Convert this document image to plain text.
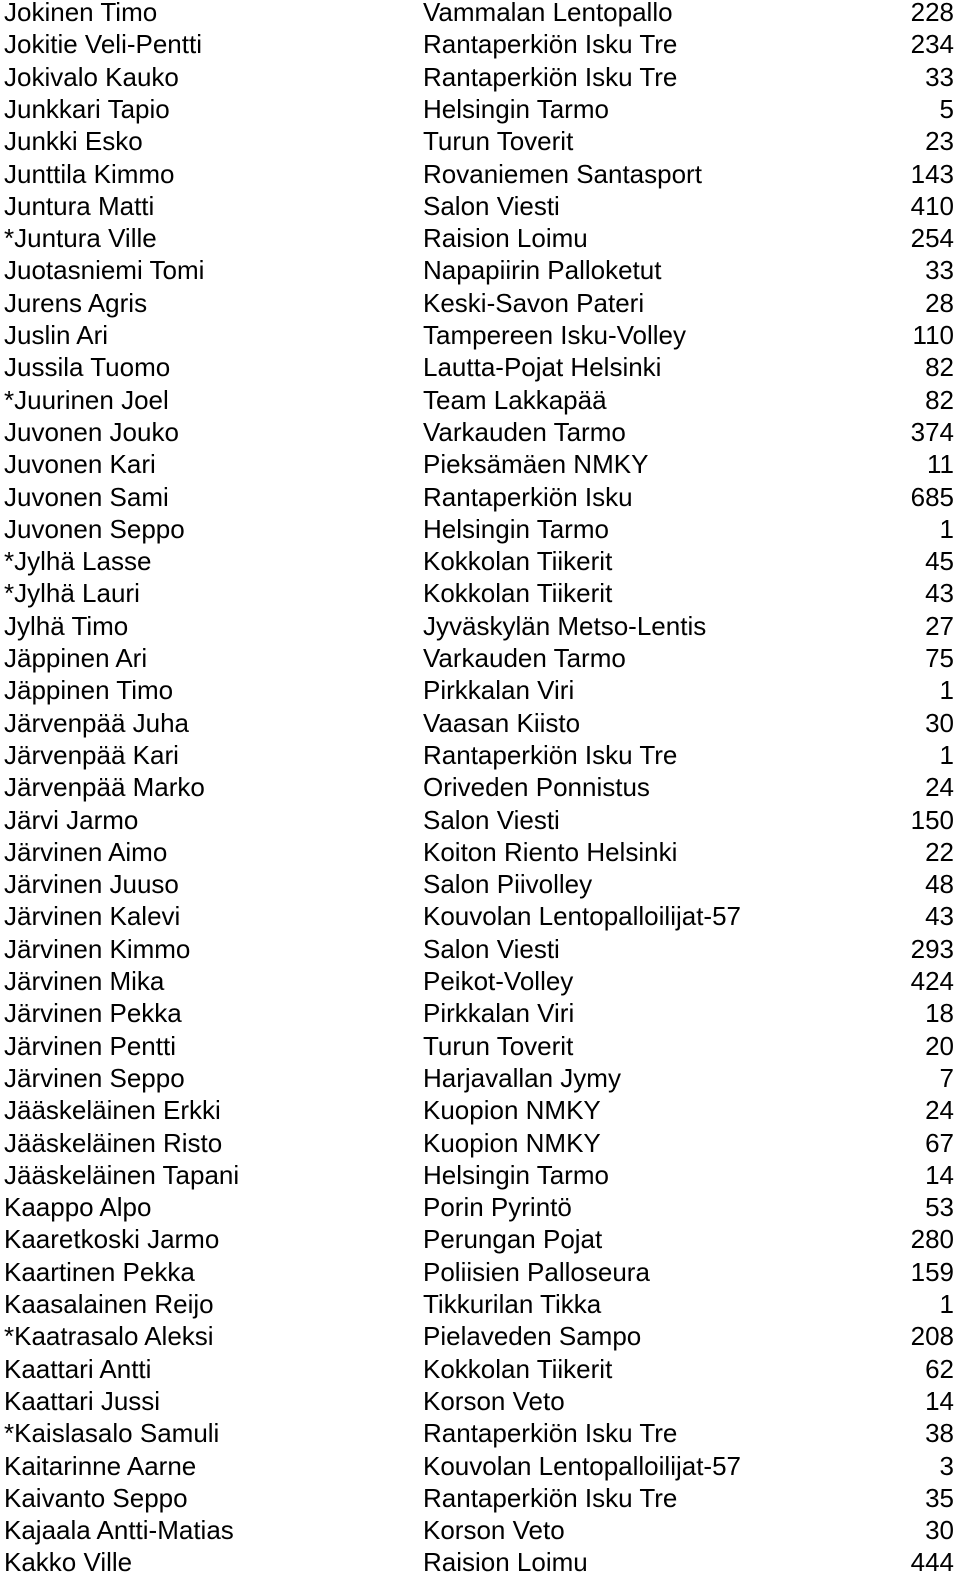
Jokinen Timo	Vammalan Lentopallo	228
Jokitie Veli-Pentti	Rantaperkiön Isku Tre	234
Jokivalo Kauko	Rantaperkiön Isku Tre	33
Junkkari Tapio	Helsingin Tarmo	5
Junkki Esko	Turun Toverit	23
Junttila Kimmo	Rovaniemen Santasport	143
Juntura Matti	Salon Viesti	410
*Juntura Ville	Raision Loimu	254
Juotasniemi Tomi	Napapiirin Palloketut	33
Jurens Agris	Keski-Savon Pateri	28
Juslin Ari	Tampereen Isku-Volley	110
Jussila Tuomo	Lautta-Pojat Helsinki	82
*Juurinen Joel	Team Lakkapää	82
Juvonen Jouko	Varkauden Tarmo	374
Juvonen Kari	Pieksämäen NMKY	11
Juvonen Sami	Rantaperkiön Isku	685
Juvonen Seppo	Helsingin Tarmo	1
*Jylhä Lasse	Kokkolan Tiikerit	45
*Jylhä Lauri	Kokkolan Tiikerit	43
Jylhä Timo	Jyväskylän Metso-Lentis	27
Jäppinen Ari	Varkauden Tarmo	75
Jäppinen Timo	Pirkkalan Viri	1
Järvenpää Juha	Vaasan Kiisto	30
Järvenpää Kari	Rantaperkiön Isku Tre	1
Järvenpää Marko	Oriveden Ponnistus	24
Järvi Jarmo	Salon Viesti	150
Järvinen Aimo	Koiton Riento Helsinki	22
Järvinen Juuso	Salon Piivolley	48
Järvinen Kalevi	Kouvolan Lentopalloilijat-57	43
Järvinen Kimmo	Salon Viesti	293
Järvinen Mika	Peikot-Volley	424
Järvinen Pekka	Pirkkalan Viri	18
Järvinen Pentti	Turun Toverit	20
Järvinen Seppo	Harjavallan Jymy	7
Jääskeläinen Erkki	Kuopion NMKY	24
Jääskeläinen Risto	Kuopion NMKY	67
Jääskeläinen Tapani	Helsingin Tarmo	14
Kaappo Alpo	Porin Pyrintö	53
Kaaretkoski Jarmo	Perungan Pojat	280
Kaartinen Pekka	Poliisien Palloseura	159
Kaasalainen Reijo	Tikkurilan Tikka	1
*Kaatrasalo Aleksi	Pielaveden Sampo	208
Kaattari Antti	Kokkolan Tiikerit	62
Kaattari Jussi	Korson Veto	14
*Kaislasalo Samuli	Rantaperkiön Isku Tre	38
Kaitarinne Aarne	Kouvolan Lentopalloilijat-57	3
Kaivanto Seppo	Rantaperkiön Isku Tre	35
Kajaala Antti-Matias	Korson Veto	30
Kakko Ville	Raision Loimu	444
